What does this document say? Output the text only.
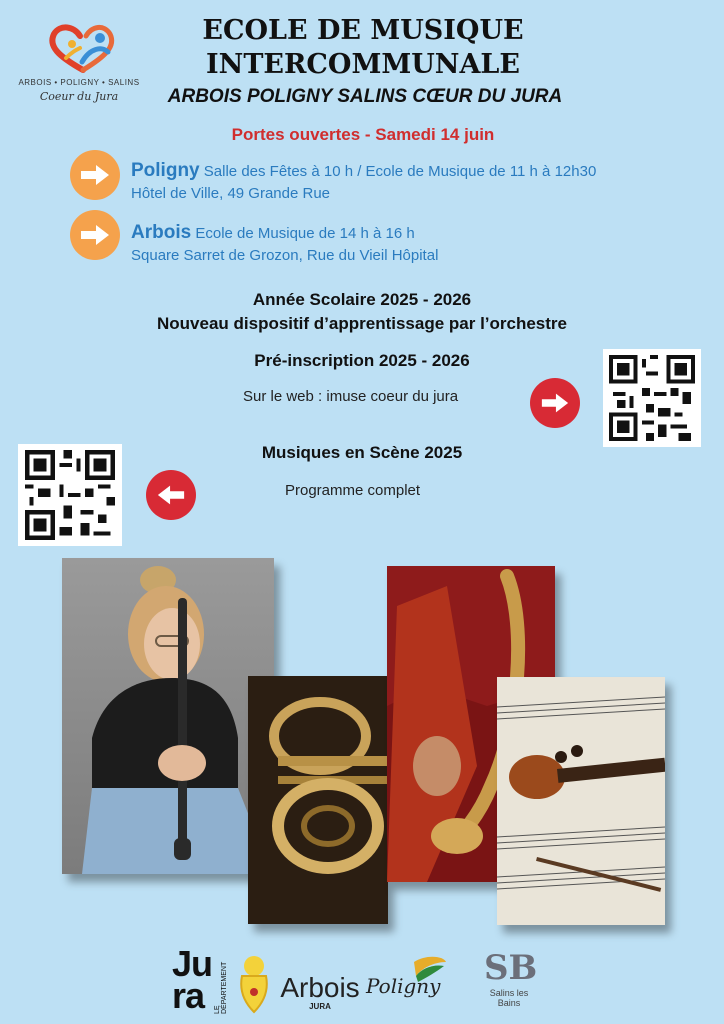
ARBOIS • POLIGNY • SALINS
Coeur du Jura
ECOLE DE MUSIQUE
INTERCOMMUNALE
ARBOIS POLIGNY SALINS CŒUR DU JURA
Portes ouvertes - Samedi 14 juin
Poligny Salle des Fêtes à 10 h / Ecole de Musique de 11 h à 12h30
Hôtel de Ville, 49 Grande Rue
Arbois Ecole de Musique de 14 h à 16 h
Square Sarret de Grozon, Rue du Vieil Hôpital
Année Scolaire 2025 - 2026
Nouveau dispositif d’apprentissage par l’orchestre
Pré-inscription 2025 - 2026
Sur le web : imuse coeur du jura
Musiques en Scène 2025
Programme complet
Ju ra	LE DÉPARTEMENT Arbois
JURA
Poligny SB
Salins les Bains
